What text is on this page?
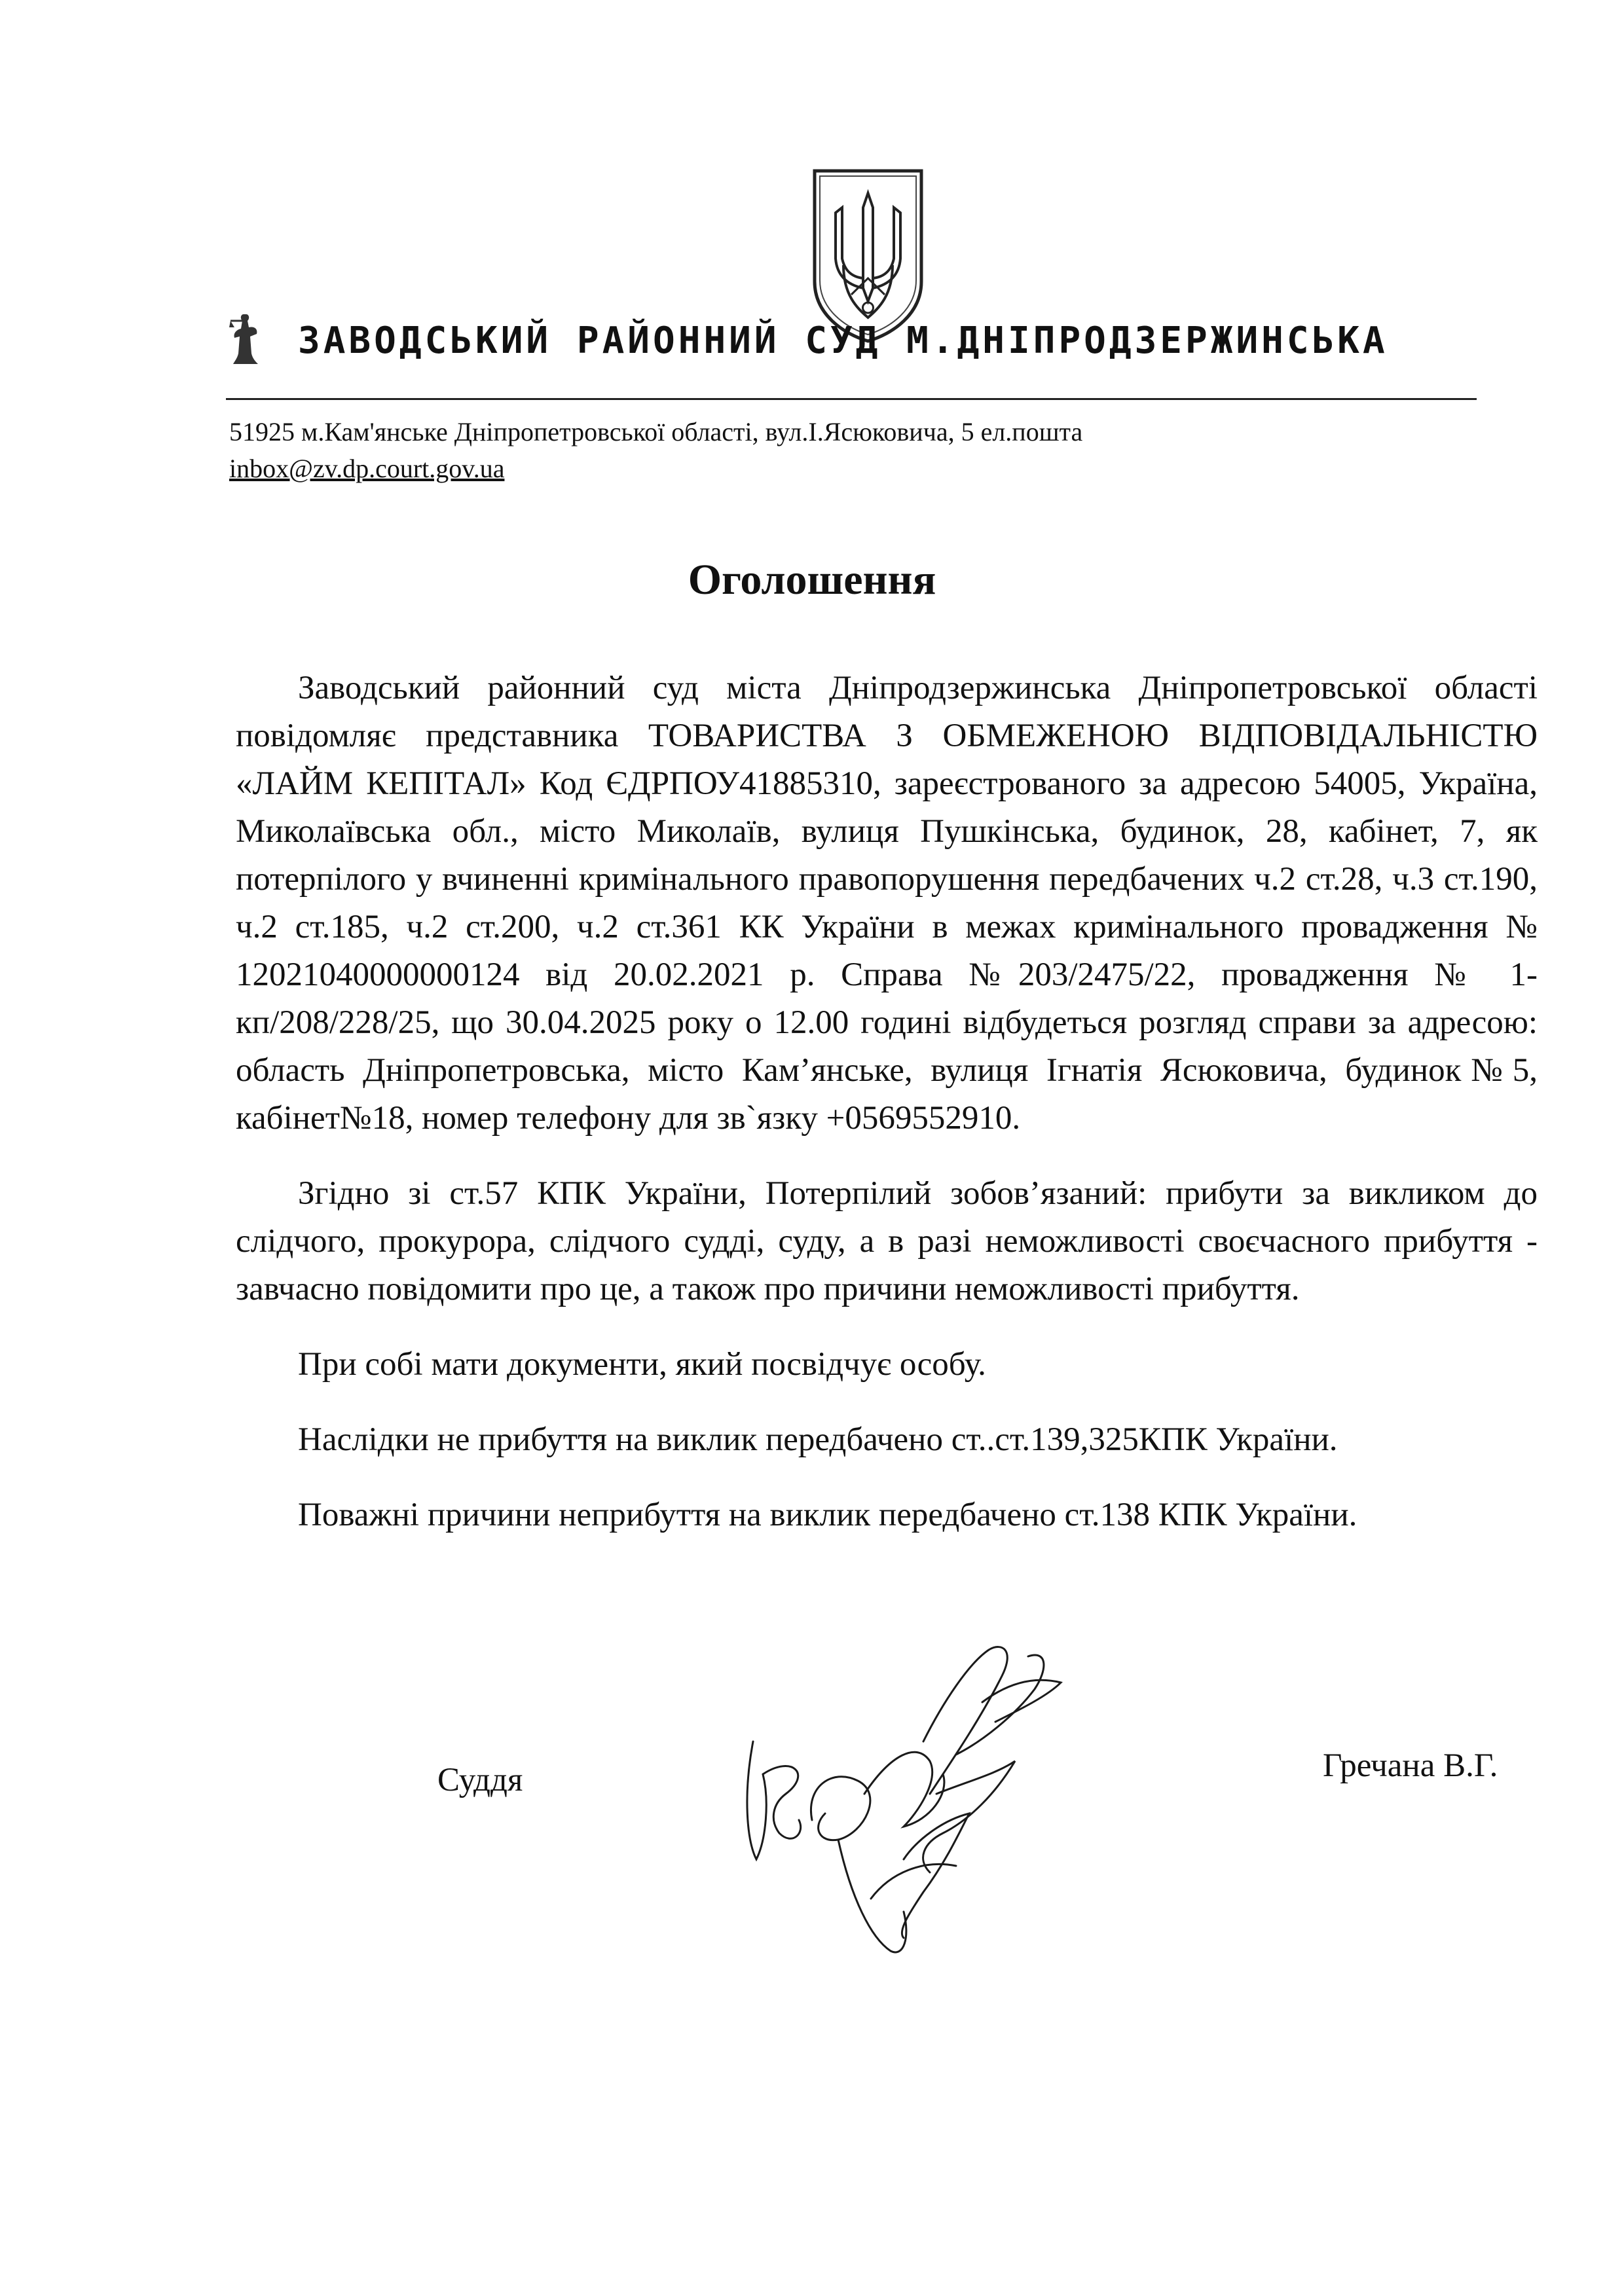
ЗАВОДСЬКИЙ РАЙОННИЙ СУД М.ДНІПРОДЗЕРЖИНСЬКА
51925 м.Кам'янське Дніпропетровської області, вул.І.Ясюковича, 5 ел.пошта
inbox@zv.dp.court.gov.ua
Оголошення

Заводський районний суд міста Дніпродзержинська Дніпропетровської області повідомляє представника ТОВАРИСТВА З ОБМЕЖЕНОЮ ВІДПОВІДАЛЬНІСТЮ «ЛАЙМ КЕПІТАЛ» Код ЄДРПОУ41885310, зареєстрованого за адресою 54005, Україна, Миколаївська обл., місто Миколаїв, вулиця Пушкінська, будинок, 28, кабінет, 7, як потерпілого у вчиненні кримінального правопорушення передбачених ч.2 ст.28, ч.3 ст.190, ч.2 ст.185, ч.2 ст.200, ч.2 ст.361 КК України в межах кримінального провадження № 12021040000000124 від 20.02.2021 р. Справа №203/2475/22, провадження № 1-кп/208/228/25, що 30.04.2025 року о 12.00 годині відбудеться розгляд справи за адресою: область Дніпропетровська, місто Кам’янське, вулиця Ігнатія Ясюковича, будинок№5, кабінет№18, номер телефону для зв`язку +0569552910.

Згідно зі ст.57 КПК України, Потерпілий зобов’язаний: прибути за викликом до слідчого, прокурора, слідчого судді, суду, а в разі неможливості своєчасного прибуття - завчасно повідомити про це, а також про причини неможливості прибуття.

При собі мати документи, який посвідчує особу.

Наслідки не прибуття на виклик передбачено ст..ст.139,325КПК України.

Поважні причини неприбуття на виклик передбачено ст.138 КПК України.

Суддя	Гречана В.Г.
